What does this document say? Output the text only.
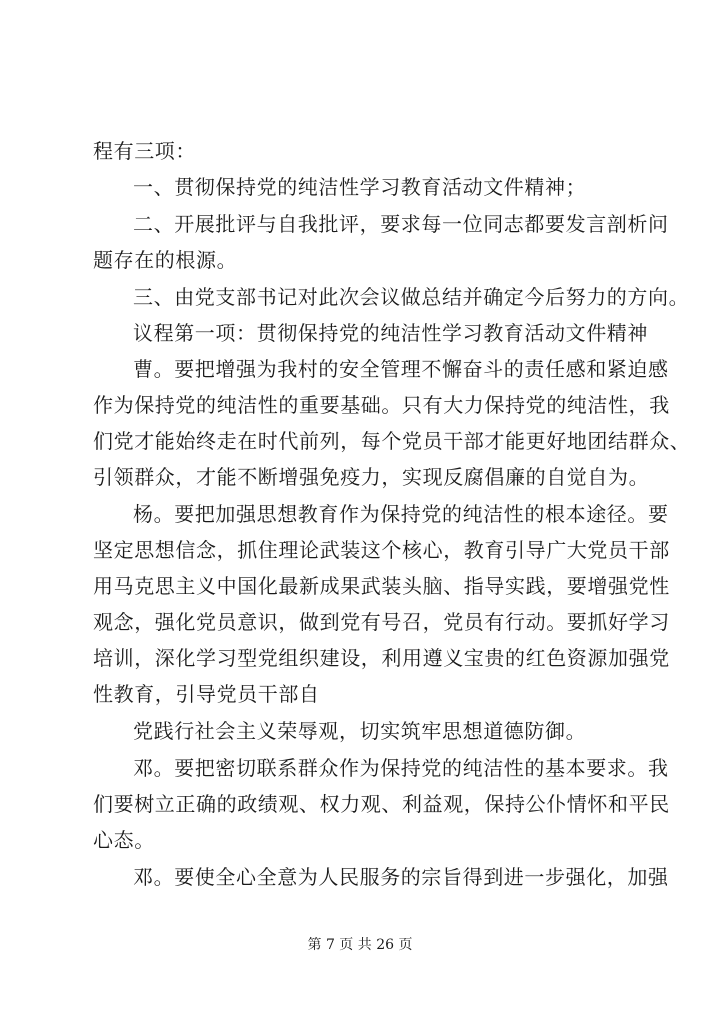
程有三项：
一、贯彻保持党的纯洁性学习教育活动文件精神；
二、开展批评与自我批评，要求每一位同志都要发言剖析问
题存在的根源。
三、由党支部书记对此次会议做总结并确定今后努力的方向。
议程第一项：贯彻保持党的纯洁性学习教育活动文件精神
曹。要把增强为我村的安全管理不懈奋斗的责任感和紧迫感
作为保持党的纯洁性的重要基础。只有大力保持党的纯洁性，我
们党才能始终走在时代前列，每个党员干部才能更好地团结群众、
引领群众，才能不断增强免疫力，实现反腐倡廉的自觉自为。
杨。要把加强思想教育作为保持党的纯洁性的根本途径。要
坚定思想信念，抓住理论武装这个核心，教育引导广大党员干部
用马克思主义中国化最新成果武装头脑、指导实践，要增强党性
观念，强化党员意识，做到党有号召，党员有行动。要抓好学习
培训，深化学习型党组织建设，利用遵义宝贵的红色资源加强党
性教育，引导党员干部自
党践行社会主义荣辱观，切实筑牢思想道德防御。
邓。要把密切联系群众作为保持党的纯洁性的基本要求。我
们要树立正确的政绩观、权力观、利益观，保持公仆情怀和平民
心态。
邓。要使全心全意为人民服务的宗旨得到进一步强化，加强
第 7 页 共 26 页
